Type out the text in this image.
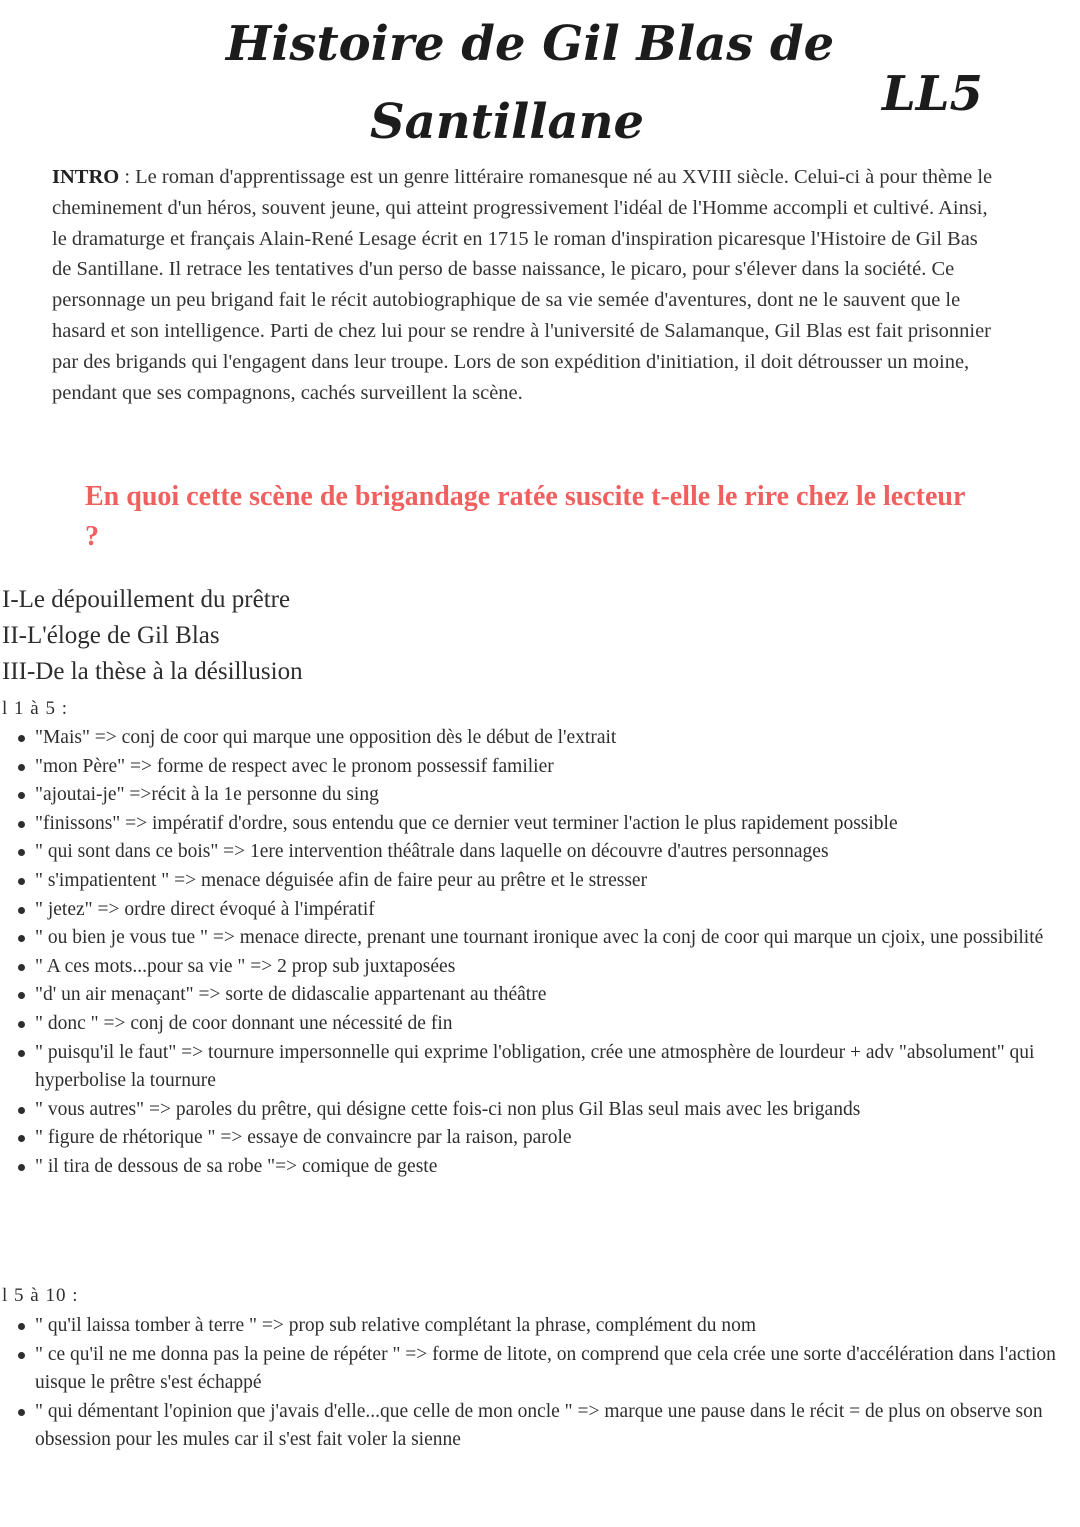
Histoire de Gil Blas de
Santillane	LL5

INTRO : Le roman d'apprentissage est un genre littéraire romanesque né au XVIII siècle. Celui-ci à pour thème le cheminement d'un héros, souvent jeune, qui atteint progressivement l'idéal de l'Homme accompli et cultivé. Ainsi, le dramaturge et français Alain-René Lesage écrit en 1715 le roman d'inspiration picaresque l'Histoire de Gil Bas de Santillane. Il retrace les tentatives d'un perso de basse naissance, le picaro, pour s'élever dans la société. Ce personnage un peu brigand fait le récit autobiographique de sa vie semée d'aventures, dont ne le sauvent que le hasard et son intelligence. Parti de chez lui pour se rendre à l'université de Salamanque, Gil Blas est fait prisonnier par des brigands qui l'engagent dans leur troupe. Lors de son expédition d'initiation, il doit détrousser un moine, pendant que ses compagnons, cachés surveillent la scène.

En quoi cette scène de brigandage ratée suscite t-elle le rire chez le lecteur ?

I-Le dépouillement du prêtre
II-L'éloge de Gil Blas
III-De la thèse à la désillusion

l 1 à 5 :

"Mais" => conj de coor qui marque une opposition dès le début de l'extrait
"mon Père" => forme de respect avec le pronom possessif familier
"ajoutai-je" =>récit à la 1e personne du sing
"finissons" => impératif d'ordre, sous entendu que ce dernier veut terminer l'action le plus rapidement possible
" qui sont dans ce bois" => 1ere intervention théâtrale dans laquelle on découvre d'autres personnages
" s'impatientent " => menace déguisée afin de faire peur au prêtre et le stresser
" jetez" => ordre direct évoqué à l'impératif
" ou bien je vous tue " => menace directe, prenant une tournant ironique avec la conj de coor qui marque un cjoix, une possibilité
" A ces mots...pour sa vie " => 2 prop sub juxtaposées
"d' un air menaçant" => sorte de didascalie appartenant au théâtre
" donc " => conj de coor donnant une nécessité de fin
" puisqu'il le faut" => tournure impersonnelle qui exprime l'obligation, crée une atmosphère de lourdeur + adv "absolument" qui hyperbolise la tournure
" vous autres" => paroles du prêtre, qui désigne cette fois-ci non plus Gil Blas seul mais avec les brigands
" figure de rhétorique " => essaye de convaincre par la raison, parole
" il tira de dessous de sa robe "=> comique de geste

l 5 à 10 :

" qu'il laissa tomber à terre " => prop sub relative complétant la phrase, complément du nom
" ce qu'il ne me donna pas la peine de répéter " => forme de litote, on comprend que cela crée une sorte d'accélération dans l'action uisque le prêtre s'est échappé
" qui démentant l'opinion que j'avais d'elle...que celle de mon oncle " => marque une pause dans le récit = de plus on observe son obsession pour les mules car il s'est fait voler la sienne
